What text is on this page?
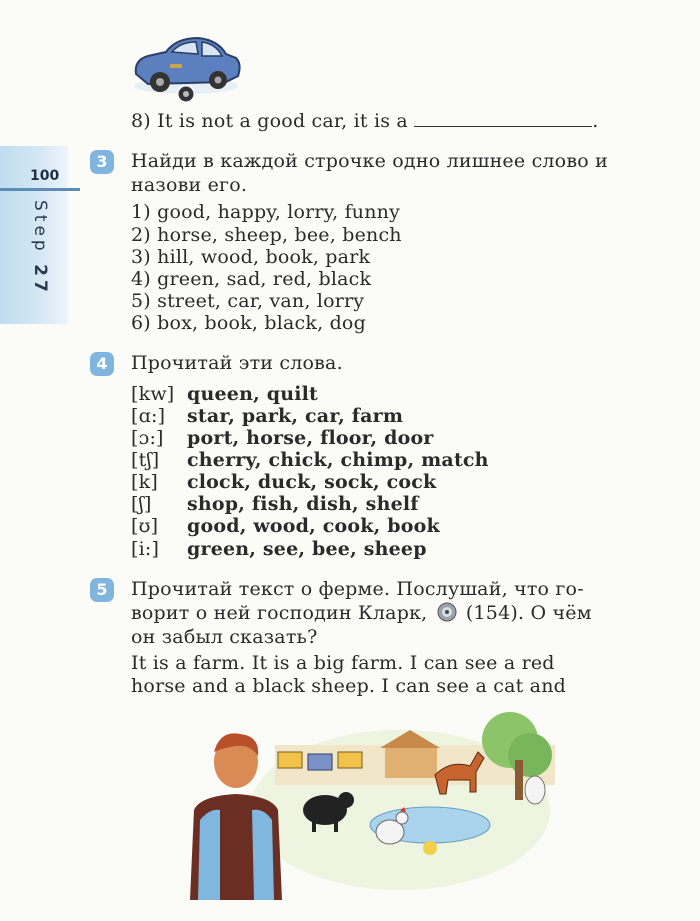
100
Step 27
8) It is not a good car, it is a	.
3	Найди в каждой строчке одно лишнее слово и
назови его.
1) good, happy, lorry, funny
2) horse, sheep, bee, bench
3) hill, wood, book, park
4) green, sad, red, black
5) street, car, van, lorry
6) box, book, black, dog
4	Прочитай эти слова.
[kw] queen, quilt
[ɑ:] star, park, car, farm
[ɔ:] port, horse, floor, door
[tʃ] cherry, chick, chimp, match
[k] clock, duck, sock, cock
[ʃ] shop, fish, dish, shelf
[ʊ] good, wood, cook, book
[i:] green, see, bee, sheep
5	Прочитай текст о ферме. Послушай, что го-
ворит о ней господин Кларк, (154). О чём
он забыл сказать?
It is a farm. It is a big farm. I can see a red
horse and a black sheep. I can see a cat and
